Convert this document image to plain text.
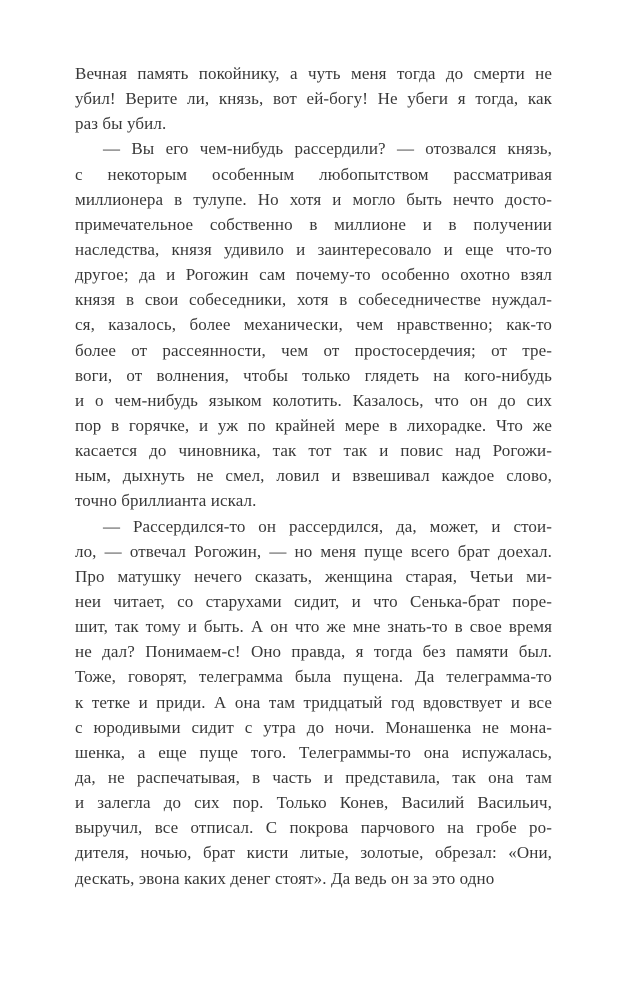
Вечная память покойнику, а чуть меня тогда до смерти не
убил! Верите ли, князь, вот ей-богу! Не убеги я тогда, как
раз бы убил.
— Вы его чем-нибудь рассердили? — отозвался князь,
с некоторым особенным любопытством рассматривая
миллионера в тулупе. Но хотя и могло быть нечто досто-
примечательное собственно в миллионе и в получении
наследства, князя удивило и заинтересовало и еще что-то
другое; да и Рогожин сам почему-то особенно охотно взял
князя в свои собеседники, хотя в собеседничестве нуждал-
ся, казалось, более механически, чем нравственно; как-то
более от рассеянности, чем от простосердечия; от тре-
воги, от волнения, чтобы только глядеть на кого-нибудь
и о чем-нибудь языком колотить. Казалось, что он до сих
пор в горячке, и уж по крайней мере в лихорадке. Что же
касается до чиновника, так тот так и повис над Рогожи-
ным, дыхнуть не смел, ловил и взвешивал каждое слово,
точно бриллианта искал.
— Рассердился-то он рассердился, да, может, и стои-
ло, — отвечал Рогожин, — но меня пуще всего брат доехал.
Про матушку нечего сказать, женщина старая, Четьи ми-
неи читает, со старухами сидит, и что Сенька-брат поре-
шит, так тому и быть. А он что же мне знать-то в свое время
не дал? Понимаем-с! Оно правда, я тогда без памяти был.
Тоже, говорят, телеграмма была пущена. Да телеграмма-то
к тетке и приди. А она там тридцатый год вдовствует и все
с юродивыми сидит с утра до ночи. Монашенка не мона-
шенка, а еще пуще того. Телеграммы-то она испужалась,
да, не распечатывая, в часть и представила, так она там
и залегла до сих пор. Только Конев, Василий Васильич,
выручил, все отписал. С покрова парчового на гробе ро-
дителя, ночью, брат кисти литые, золотые, обрезал: «Они,
дескать, эвона каких денег стоят». Да ведь он за это одно
